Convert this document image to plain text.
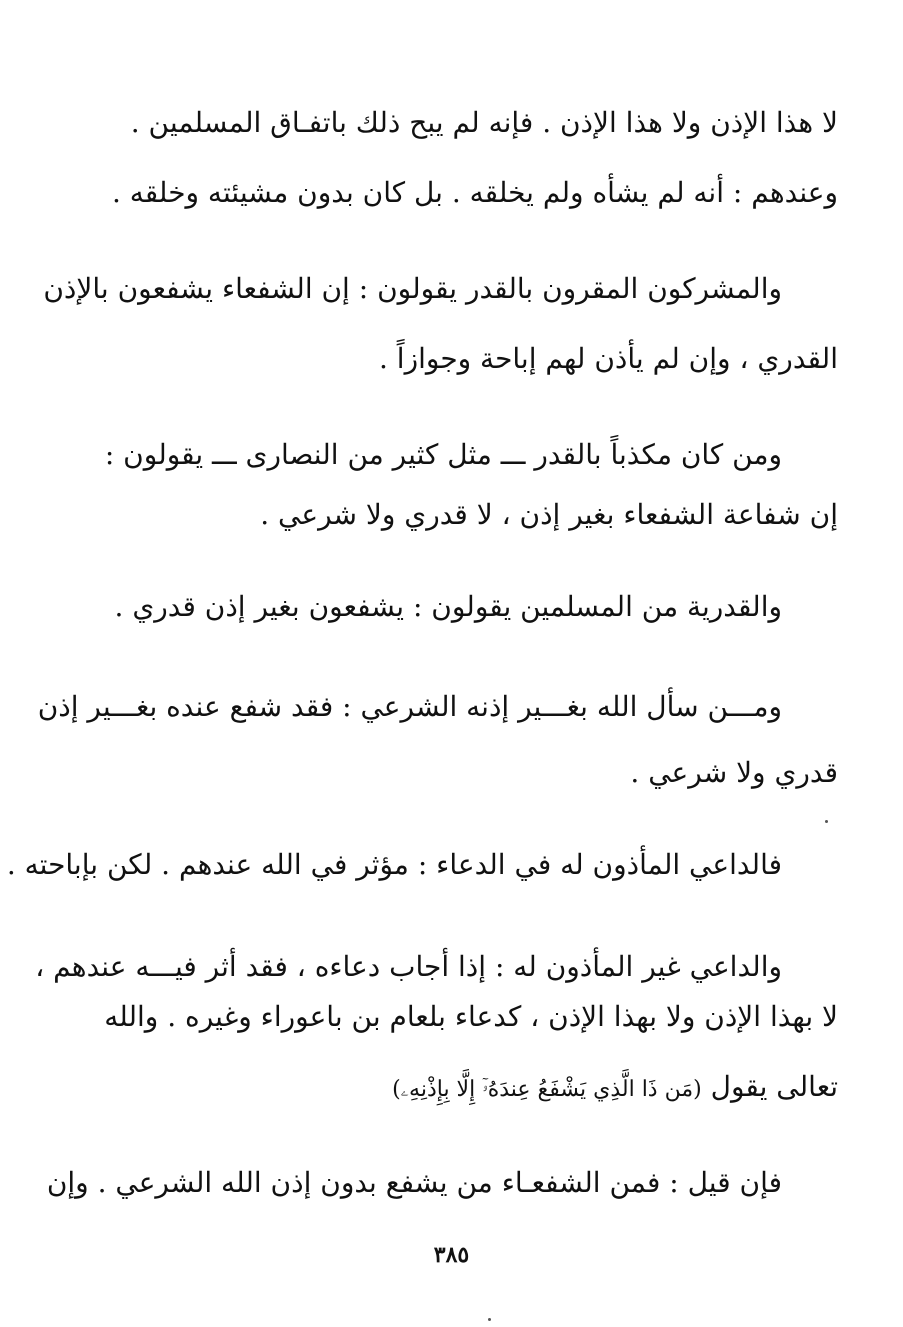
لا هذا الإذن ولا هذا الإذن . فإنه لم يبح ذلك باتفـاق المسلمين .
وعندهم : أنه لم يشأه ولم يخلقه . بل كان بدون مشيئته وخلقه .
والمشركون المقرون بالقدر يقولون : إن الشفعاء يشفعون بالإذن
القدري ، وإن لم يأذن لهم إباحة وجوازاً .
ومن كان مكذباً بالقدر ـــ مثل كثير من النصارى ـــ يقولون :
إن شفاعة الشفعاء بغير إذن ، لا قدري ولا شرعي .
والقدرية من المسلمين يقولون : يشفعون بغير إذن قدري .
ومـــن سأل الله بغـــير إذنه الشرعي : فقد شفع عنده بغـــير إذن
قدري ولا شرعي .
فالداعي المأذون له في الدعاء : مؤثر في الله عندهم . لكن بإباحته .
والداعي غير المأذون له : إذا أجاب دعاءه ، فقد أثر فيـــه عندهم ،
لا بهذا الإذن ولا بهذا الإذن ، كدعاء بلعام بن باعوراء وغيره . والله
تعالى يقول (مَن ذَا الَّذِي يَشْفَعُ عِندَهُۥٓ إِلَّا بِإِذْنِهِۦ)
فإن قيل : فمن الشفعـاء من يشفع بدون إذن الله الشرعي . وإن
٣٨٥
